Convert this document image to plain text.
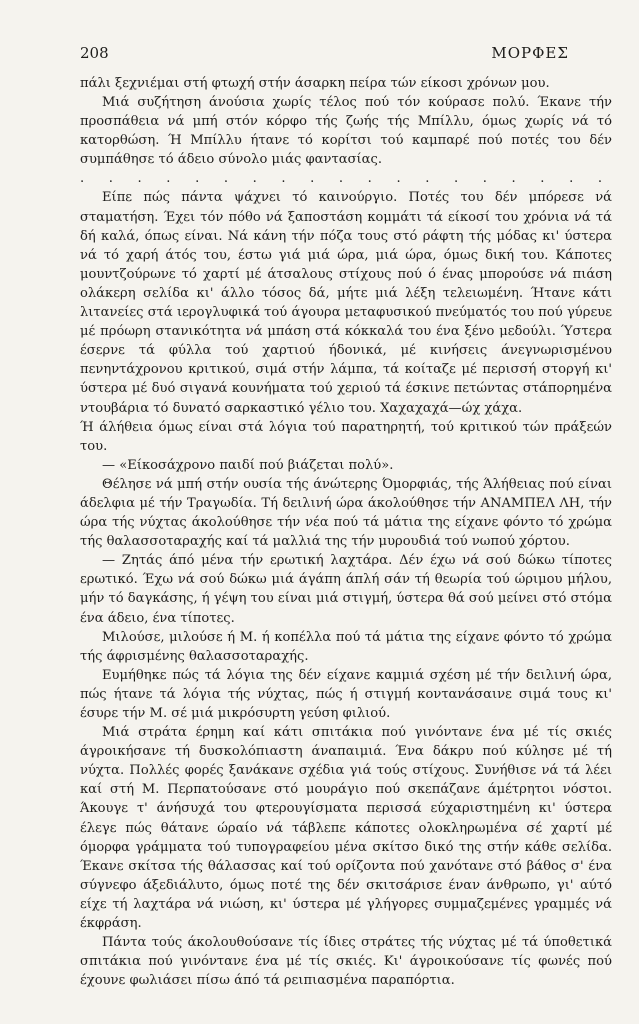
208	ΜΟΡΦΕΣ

πάλι ξεχνιέμαι στή φτωχή στήν άσαρκη πείρα τών είκοσι χρόνων μου.

Μιά συζήτηση άνούσια χωρίς τέλος πού τόν κούρασε πολύ. Έκανε τήν προσπάθεια νά μπή στόν κόρφο τής ζωής τής Μπίλλυ, όμως χωρίς νά τό κατορθώση. Ή Μπίλλυ ήτανε τό κορίτσι τού καμπαρέ πού ποτές του δέν συμπάθησε τό άδειο σύνολο μιάς φαντασίας.

. . . . . . . . . . . . . . . . . . .

Είπε πώς πάντα ψάχνει τό καινούργιο. Ποτές του δέν μπόρεσε νά σταματήση. Έχει τόν πόθο νά ξαποστάση κομμάτι τά είκοσί του χρόνια νά τά δή καλά, όπως είναι. Νά κάνη τήν πόζα τους στό ράφτη τής μόδας κι' ύστερα νά τό χαρή άτός του, έστω γιά μιά ώρα, μιά ώρα, όμως δική του. Κάποτες μουντζούρωνε τό χαρτί μέ άτσαλους στίχους πού ό ένας μπορούσε νά πιάση ολάκερη σελίδα κι' άλλο τόσος δά, μήτε μιά λέξη τελειωμένη. Ήτανε κάτι λιτανείες στά ιερογλυφικά τού άγουρα μεταφυσικού πνεύματός του πού γύρευε μέ πρόωρη στανικότητα νά μπάση στά κόκκαλά του ένα ξένο μεδούλι. Ύστερα έσερνε τά φύλλα τού χαρτιού ήδονικά, μέ κινήσεις άνεγνωρισμένου πενηντάχρονου κριτικού, σιμά στήν λάμπα, τά κοίταζε μέ περισσή στοργή κι' ύστερα μέ δυό σιγανά κουνήματα τού χεριού τά έσκινε πετώντας στάπορημένα ντουβάρια τό δυνατό σαρκαστικό γέλιο του. Χαχαχαχά—ώχ χάχα.

Ή άλήθεια όμως είναι στά λόγια τού παρατηρητή, τού κριτικού τών πράξεών του.

— «Είκοσάχρονο παιδί πού βιάζεται πολύ».

Θέλησε νά μπή στήν ουσία τής άνώτερης Όμορφιάς, τής Άλήθειας πού είναι άδελφια μέ τήν Τραγωδία. Τή δειλινή ώρα άκολούθησε τήν ΑΝΑΜΠΕΛ ΛΗ, τήν ώρα τής νύχτας άκολούθησε τήν νέα πού τά μάτια της είχανε φόντο τό χρώμα τής θαλασσοταραχής καί τά μαλλιά της τήν μυρουδιά τού νωπού χόρτου.

— Ζητάς άπό μένα τήν ερωτική λαχτάρα. Δέν έχω νά σού δώκω τίποτες ερωτικό. Έχω νά σού δώκω μιά άγάπη άπλή σάν τή θεωρία τού ώριμου μήλου, μήν τό δαγκάσης, ή γέψη του είναι μιά στιγμή, ύστερα θά σού μείνει στό στόμα ένα άδειο, ένα τίποτες.

Μιλούσε, μιλούσε ή Μ. ή κοπέλλα πού τά μάτια της είχανε φόντο τό χρώμα τής άφρισμένης θαλασσοταραχής.

Ευμήθηκε πώς τά λόγια της δέν είχανε καμμιά σχέση μέ τήν δειλινή ώρα, πώς ήτανε τά λόγια τής νύχτας, πώς ή στιγμή κοντανάσαινε σιμά τους κι' έσυρε τήν Μ. σέ μιά μικρόσυρτη γεύση φιλιού.

Μιά στράτα έρημη καί κάτι σπιτάκια πού γινόντανε ένα μέ τίς σκιές άγροικήσανε τή δυσκολόπιαστη άναπαιμιά. Ένα δάκρυ πού κύλησε μέ τή νύχτα. Πολλές φορές ξανάκανε σχέδια γιά τούς στίχους. Συνήθισε νά τά λέει καί στή Μ. Περπατούσανε στό μουράγιο πού σκεπάζανε άμέτρητοι νόστοι. Άκουγε τ' άνήσυχά του φτερουγίσματα περισσά εύχαριστημένη κι' ύστερα έλεγε πώς θάτανε ώραίο νά τάβλεπε κάποτες ολοκληρωμένα σέ χαρτί μέ όμορφα γράμματα τού τυπογραφείου μένα σκίτσο δικό της στήν κάθε σελίδα. Έκανε σκίτσα τής θάλασσας καί τού ορίζοντα πού χανότανε στό βάθος σ' ένα σύγνεφο άξεδιάλυτο, όμως ποτέ της δέν σκιτσάρισε έναν άνθρωπο, γι' αύτό είχε τή λαχτάρα νά νιώση, κι' ύστερα μέ γλήγορες συμμαζεμένες γραμμές νά έκφράση.

Πάντα τούς άκολουθούσανε τίς ίδιες στράτες τής νύχτας μέ τά ύποθετικά σπιτάκια πού γινόντανε ένα μέ τίς σκιές. Κι' άγροικούσανε τίς φωνές πού έχουνε φωλιάσει πίσω άπό τά ρειπιασμένα παραπόρτια.
